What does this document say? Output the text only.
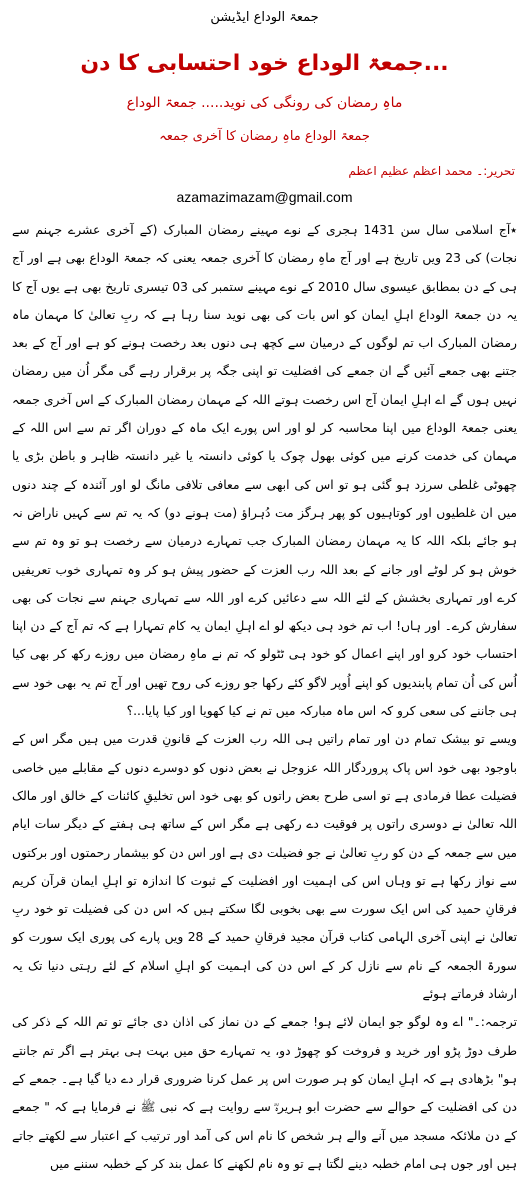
جمعۃ الوداع ایڈیشن
جمعۃ الوداع خود احتسابی کا دن...
ماہِ رمضان کی رونگی کی نوید..... جمعۃ الوداع
جمعۃ الوداع ماہِ رمضان کا آخری جمعہ
تحریر:۔ محمد اعظم عظیم اعظم
azamazimazam@gmail.com

٭آج اسلامی سال سن 1431 ہجری کے نوے مہینے رمضان المبارک (کے آخری عشرے جہنم سے نجات) کی 23 ویں تاریخ ہے اور آج ماہِ رمضان کا آخری جمعہ یعنی کہ جمعۃ الوداع بھی ہے اور آج ہی کے دن بمطابق عیسوی سال 2010 کے نوے مہینے ستمبر کی 03 تیسری تاریخ بھی ہے یوں آج کا یہ دن جمعۃ الوداع اہلِ ایمان کو اس بات کی بھی نوید سنا رہا ہے کہ ربِ تعالیٰ کا مہمان ماہ رمضان المبارک اب تم لوگوں کے درمیان سے کچھ ہی دنوں بعد رخصت ہونے کو ہے اور آج کے بعد جتنے بھی جمعے آئیں گے ان جمعے کی افضلیت تو اپنی جگہ پر برقرار رہے گی مگر اُن میں رمضان نہیں ہوں گے اے اہلِ ایمان آج اس رخصت ہوتے اللہ کے مہمان رمضان المبارک کے اس آخری جمعہ یعنی جمعۃ الوداع میں اپنا محاسبہ کر لو اور اس پورے ایک ماہ کے دوران اگر تم سے اس اللہ کے مہمان کی خدمت کرنے میں کوئی بھول چوک یا کوئی دانستہ یا غیر دانستہ ظاہر و باطن بڑی یا چھوٹی غلطی سرزد ہو گئی ہو تو اس کی ابھی سے معافی تلافی مانگ لو اور آئندہ کے چند دنوں میں ان غلطیوں اور کوتاہیوں کو پھر ہرگز مت دُہراؤ (مت ہونے دو) کہ یہ تم سے کہیں ناراض نہ ہو جائے بلکہ اللہ کا یہ مہمان رمضان المبارک جب تمہارے درمیان سے رخصت ہو تو وہ تم سے خوش ہو کر لوٹے اور جانے کے بعد اللہ رب العزت کے حضور پیش ہو کر وہ تمہاری خوب تعریفیں کرے اور تمہاری بخشش کے لئے اللہ سے دعائیں کرے اور اللہ سے تمہاری جہنم سے نجات کی بھی سفارش کرے۔ اور ہاں! اب تم خود ہی دیکھ لو اے اہلِ ایمان یہ کام تمہارا ہے کہ تم آج کے دن اپنا احتساب خود کرو اور اپنے اعمال کو خود ہی ٹٹولو کہ تم نے ماہِ رمضان میں روزے رکھ کر بھی کیا اُس کی اُن تمام پابندیوں کو اپنے اُوپر لاگو کئے رکھا جو روزے کی روح تھیں اور آج تم یہ بھی خود سے ہی جاننے کی سعی کرو کہ اس ماہ مبارکہ میں تم نے کیا کھویا اور کیا پایا...؟

ویسے تو بیشک تمام دن اور تمام راتیں ہی اللہ رب العزت کے قانونِ قدرت میں ہیں مگر اس کے باوجود بھی خود اس پاک پروردگار اللہ عزوجل نے بعض دنوں کو دوسرے دنوں کے مقابلے میں خاصی فضیلت عطا فرمادی ہے تو اسی طرح بعض راتوں کو بھی خود اس تخلیقِ کائنات کے خالق اور مالک اللہ تعالیٰ نے دوسری راتوں پر فوقیت دے رکھی ہے مگر اس کے ساتھ ہی ہفتے کے دیگر سات ایام میں سے جمعہ کے دن کو ربِ تعالیٰ نے جو فضیلت دی ہے اور اس دن کو بیشمار رحمتوں اور برکتوں سے نواز رکھا ہے تو وہاں اس کی اہمیت اور افضلیت کے ثبوت کا اندازہ تو اہلِ ایمان قرآن کریم فرقانِ حمید کی اس ایک سورت سے بھی بخوبی لگا سکتے ہیں کہ اس دن کی فضیلت تو خود ربِ تعالیٰ نے اپنی آخری الہامی کتاب قرآن مجید فرقانِ حمید کے 28 ویں پارے کی پوری ایک سورت کو سورۃ الجمعہ کے نام سے نازل کر کے اس دن کی اہمیت کو اہلِ اسلام کے لئے رہتی دنیا تک یہ ارشاد فرماتے ہوئے

ترجمہ:۔" اے وہ لوگو جو ایمان لائے ہو! جمعے کے دن نماز کی اذان دی جائے تو تم اللہ کے ذکر کی طرف دوڑ پڑو اور خرید و فروخت کو چھوڑ دو، یہ تمہارے حق میں بہت ہی بہتر ہے اگر تم جانتے ہو" بڑھادی ہے کہ اہلِ ایمان کو ہر صورت اس پر عمل کرنا ضروری قرار دے دیا گیا ہے۔ جمعے کے دن کی افضلیت کے حوالے سے حضرت ابو ہریرہؓ سے روایت ہے کہ نبی ﷺ نے فرمایا ہے کہ " جمعے کے دن ملائکہ مسجد میں آنے والے ہر شخص کا نام اس کی آمد اور ترتیب کے اعتبار سے لکھتے جاتے ہیں اور جوں ہی امام خطبہ دینے لگتا ہے تو وہ نام لکھنے کا عمل بند کر کے خطبہ سننے میں
